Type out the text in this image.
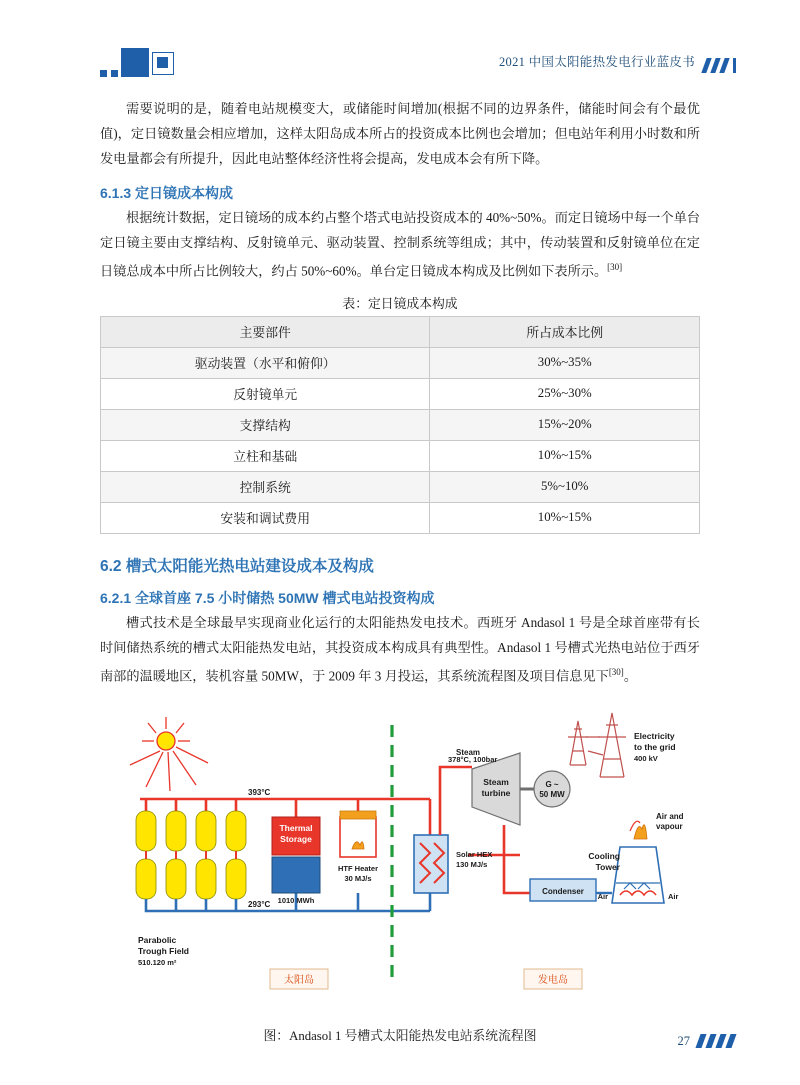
2021 中国太阳能热发电行业蓝皮书

需要说明的是，随着电站规模变大，或储能时间增加(根据不同的边界条件，储能时间会有个最优值)，定日镜数量会相应增加，这样太阳岛成本所占的投资成本比例也会增加；但电站年利用小时数和所发电量都会有所提升，因此电站整体经济性将会提高，发电成本会有所下降。

6.1.3 定日镜成本构成

根据统计数据，定日镜场的成本约占整个塔式电站投资成本的 40%~50%。而定日镜场中每一个单台定日镜主要由支撑结构、反射镜单元、驱动装置、控制系统等组成；其中，传动装置和反射镜单位在定日镜总成本中所占比例较大，约占 50%~60%。单台定日镜成本构成及比例如下表所示。[30]

表：定日镜成本构成
主要部件	所占成本比例
驱动装置（水平和俯仰）	30%~35%
反射镜单元	25%~30%
支撑结构	15%~20%
立柱和基础	10%~15%
控制系统	5%~10%
安装和调试费用	10%~15%
6.2 槽式太阳能光热电站建设成本及构成
6.2.1 全球首座 7.5 小时储热 50MW 槽式电站投资构成

槽式技术是全球最早实现商业化运行的太阳能热发电技术。西班牙 Andasol 1 号是全球首座带有长时间储热系统的槽式太阳能热发电站，其投资成本构成具有典型性。Andasol 1 号槽式光热电站位于西牙南部的温暖地区，装机容量 50MW，于 2009 年 3 月投运，其系统流程图及项目信息见下[30]。

Thermal
Storage
1010 MWh
HTF Heater
30 MJ/s
Solar HEX
130 MJ/s
Steam
Steam
turbine
G ~
50 MW
Electricity
to the grid
400 kV
Condenser
Cooling
Tower
Air and
vapour
Air	Air
393°C
293°C
Parabolic
Trough Field
510.120 m²
太阳岛	发电岛
378°C, 100bar
图：Andasol 1 号槽式太阳能热发电站系统流程图	27
